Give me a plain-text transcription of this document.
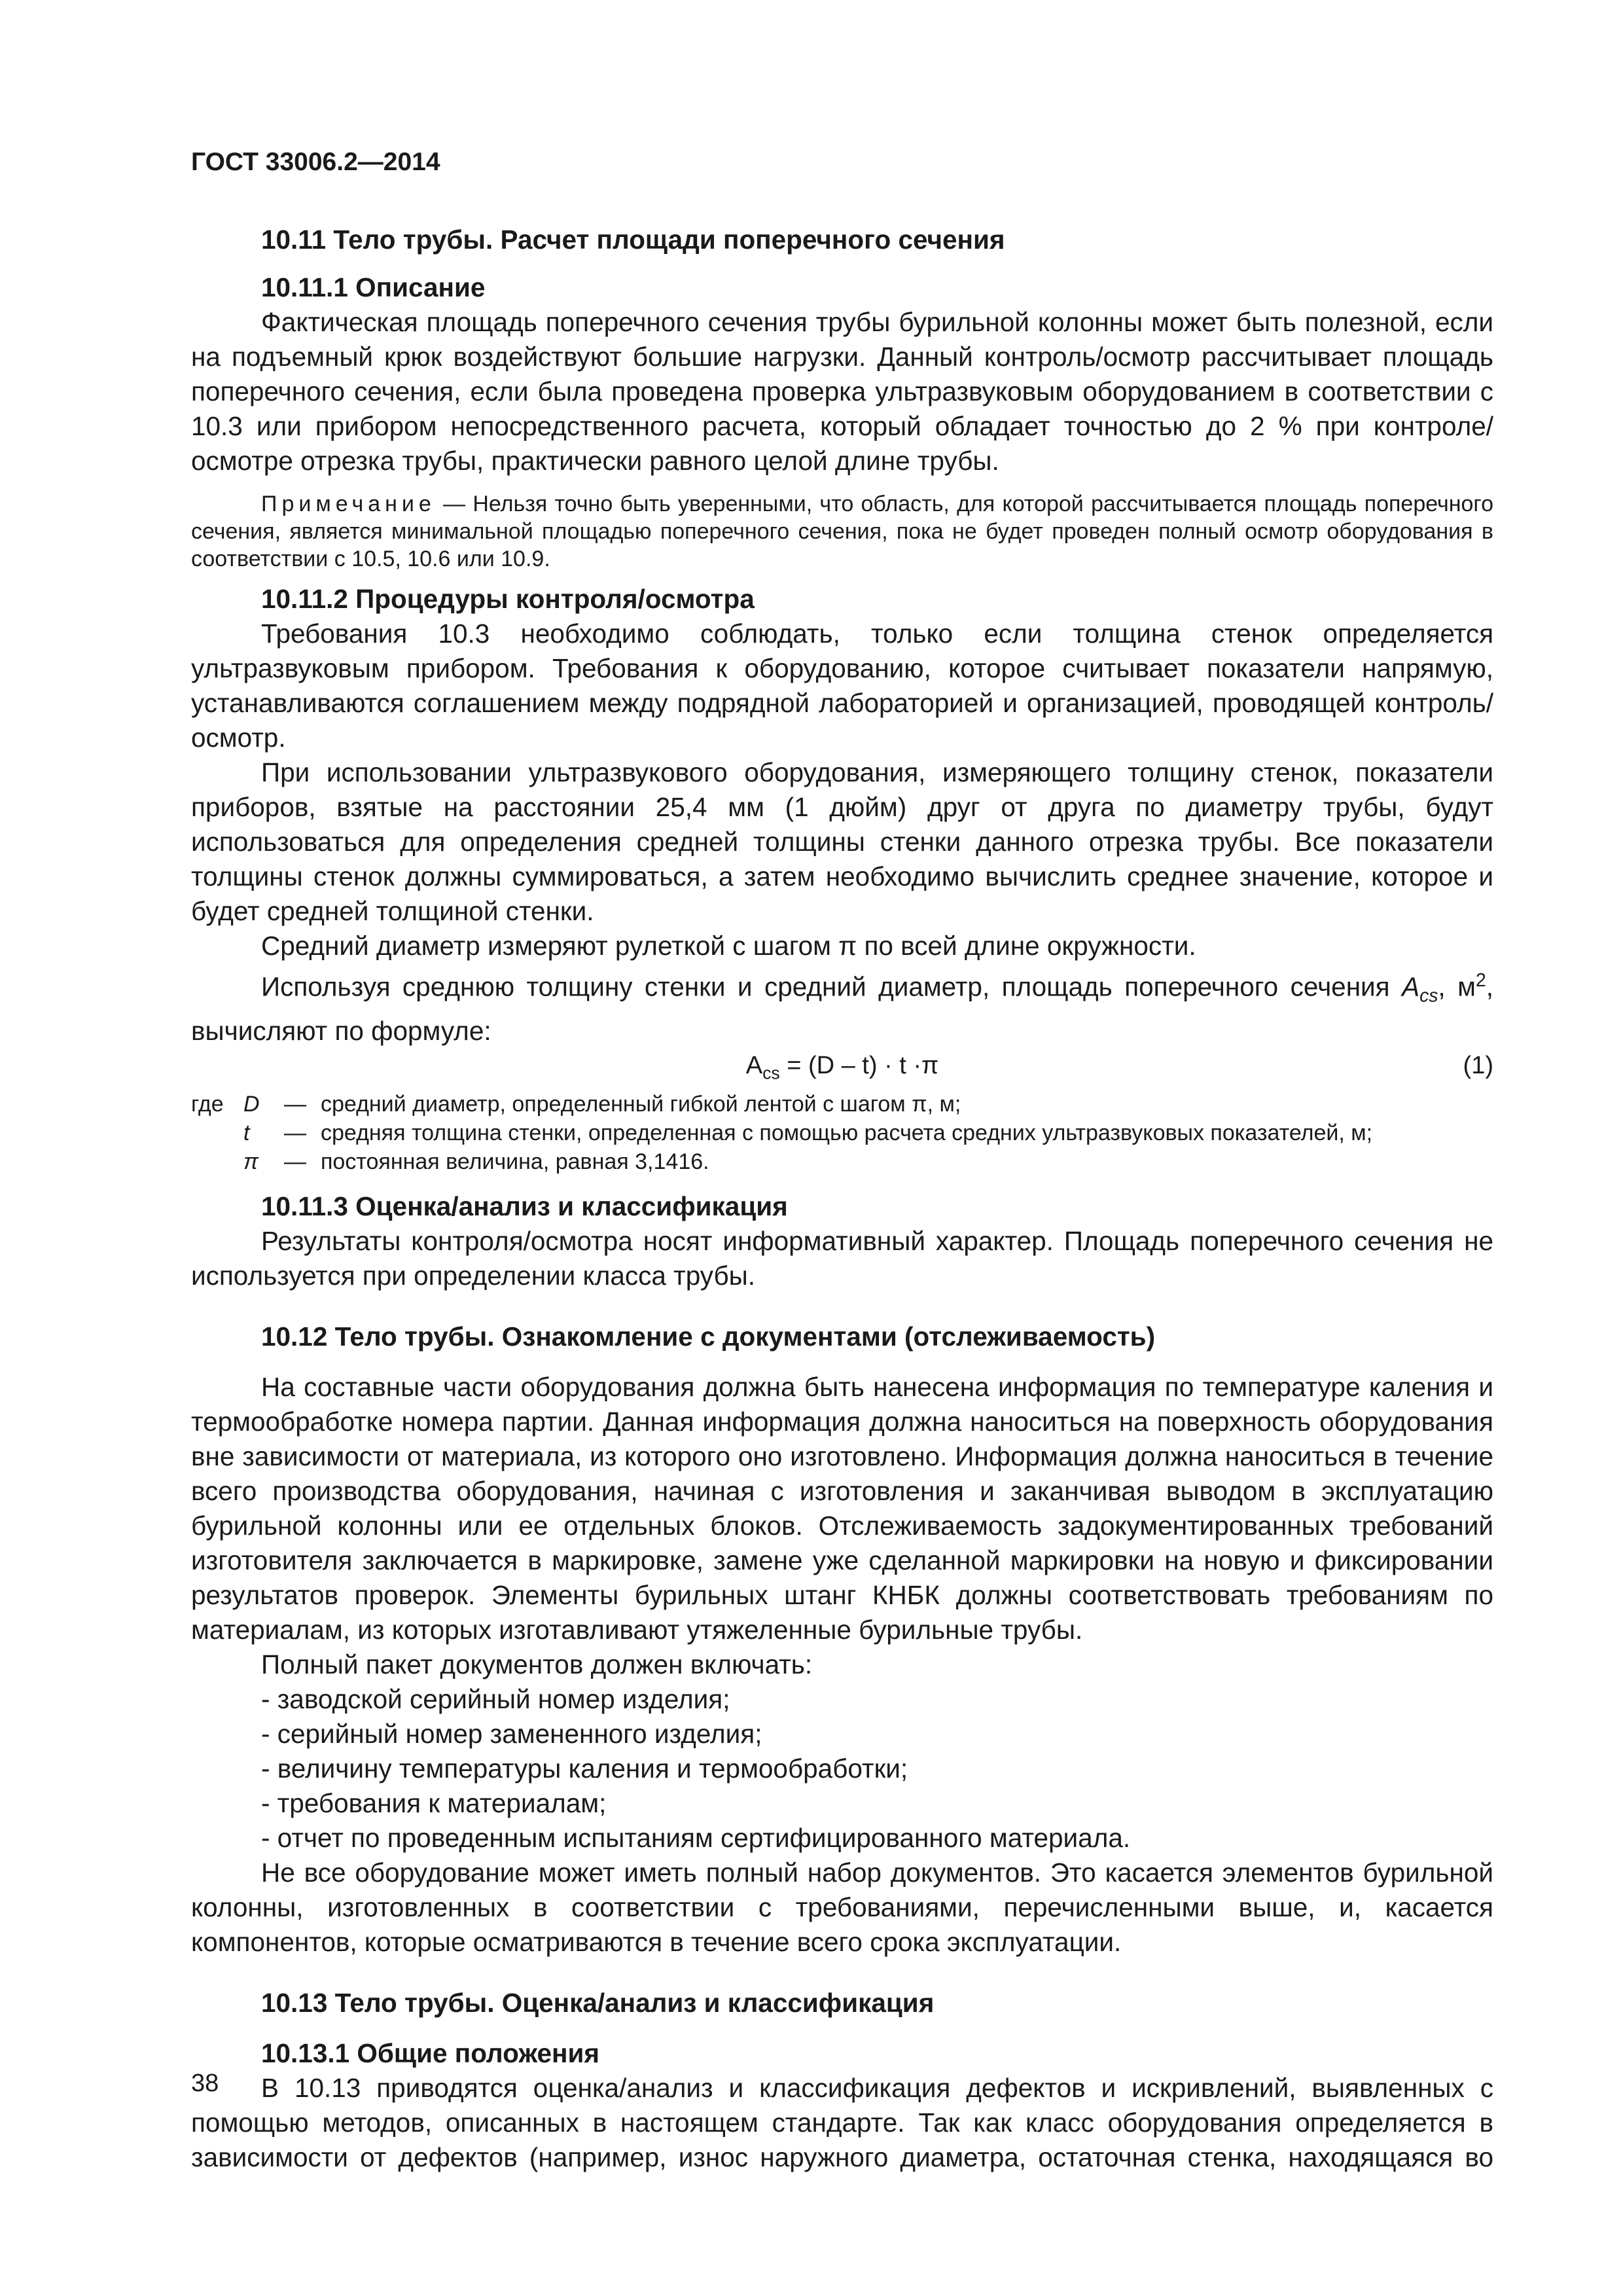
ГОСТ 33006.2—2014

10.11 Тело трубы. Расчет площади поперечного сечения

10.11.1 Описание

Фактическая площадь поперечного сечения трубы бурильной колонны может быть полезной, если на подъемный крюк воздействуют большие нагрузки. Данный контроль/осмотр рассчитывает площадь поперечного сечения, если была проведена проверка ультразвуковым оборудованием в соответствии с 10.3 или прибором непосредственного расчета, который обладает точностью до 2 % при контроле/осмотре отрезка трубы, практически равного целой длине трубы.

Примечание — Нельзя точно быть уверенными, что область, для которой рассчитывается площадь поперечного сечения, является минимальной площадью поперечного сечения, пока не будет проведен полный осмотр оборудования в соответствии с 10.5, 10.6 или 10.9.

10.11.2 Процедуры контроля/осмотра

Требования 10.3 необходимо соблюдать, только если толщина стенок определяется ультразвуковым прибором. Требования к оборудованию, которое считывает показатели напрямую, устанавливаются соглашением между подрядной лабораторией и организацией, проводящей контроль/осмотр.

При использовании ультразвукового оборудования, измеряющего толщину стенок, показатели приборов, взятые на расстоянии 25,4 мм (1 дюйм) друг от друга по диаметру трубы, будут использоваться для определения средней толщины стенки данного отрезка трубы. Все показатели толщины стенок должны суммироваться, а затем необходимо вычислить среднее значение, которое и будет средней толщиной стенки.

Средний диаметр измеряют рулеткой с шагом π по всей длине окружности.

Используя среднюю толщину стенки и средний диаметр, площадь поперечного сечения $A_{cs}$, $м^2$, вычисляют по формуле:

$A_{cs} = (D - t) \cdot t \cdot\pi$	(1)
где D	— средний диаметр, определенный гибкой лентой с шагом π, м;
t	— средняя толщина стенки, определенная с помощью расчета средних ультразвуковых показателей, м;
π	— постоянная величина, равная 3,1416.

10.11.3 Оценка/анализ и классификация

Результаты контроля/осмотра носят информативный характер. Площадь поперечного сечения не используется при определении класса трубы.

10.12 Тело трубы. Ознакомление с документами (отслеживаемость)

На составные части оборудования должна быть нанесена информация по температуре каления и термообработке номера партии. Данная информация должна наноситься на поверхность оборудования вне зависимости от материала, из которого оно изготовлено. Информация должна наноситься в течение всего производства оборудования, начиная с изготовления и заканчивая выводом в эксплуатацию бурильной колонны или ее отдельных блоков. Отслеживаемость задокументированных требований изготовителя заключается в маркировке, замене уже сделанной маркировки на новую и фиксировании результатов проверок. Элементы бурильных штанг КНБК должны соответствовать требованиям по материалам, из которых изготавливают утяжеленные бурильные трубы.

Полный пакет документов должен включать:

- заводской серийный номер изделия;

- серийный номер замененного изделия;

- величину температуры каления и термообработки;

- требования к материалам;

- отчет по проведенным испытаниям сертифицированного материала.

Не все оборудование может иметь полный набор документов. Это касается элементов бурильной колонны, изготовленных в соответствии с требованиями, перечисленными выше, и, касается компонентов, которые осматриваются в течение всего срока эксплуатации.

10.13 Тело трубы. Оценка/анализ и классификация

10.13.1 Общие положения

В 10.13 приводятся оценка/анализ и классификация дефектов и искривлений, выявленных с помощью методов, описанных в настоящем стандарте. Так как класс оборудования определяется в зависимости от дефектов (например, износ наружного диаметра, остаточная стенка, находящаяся во

38
